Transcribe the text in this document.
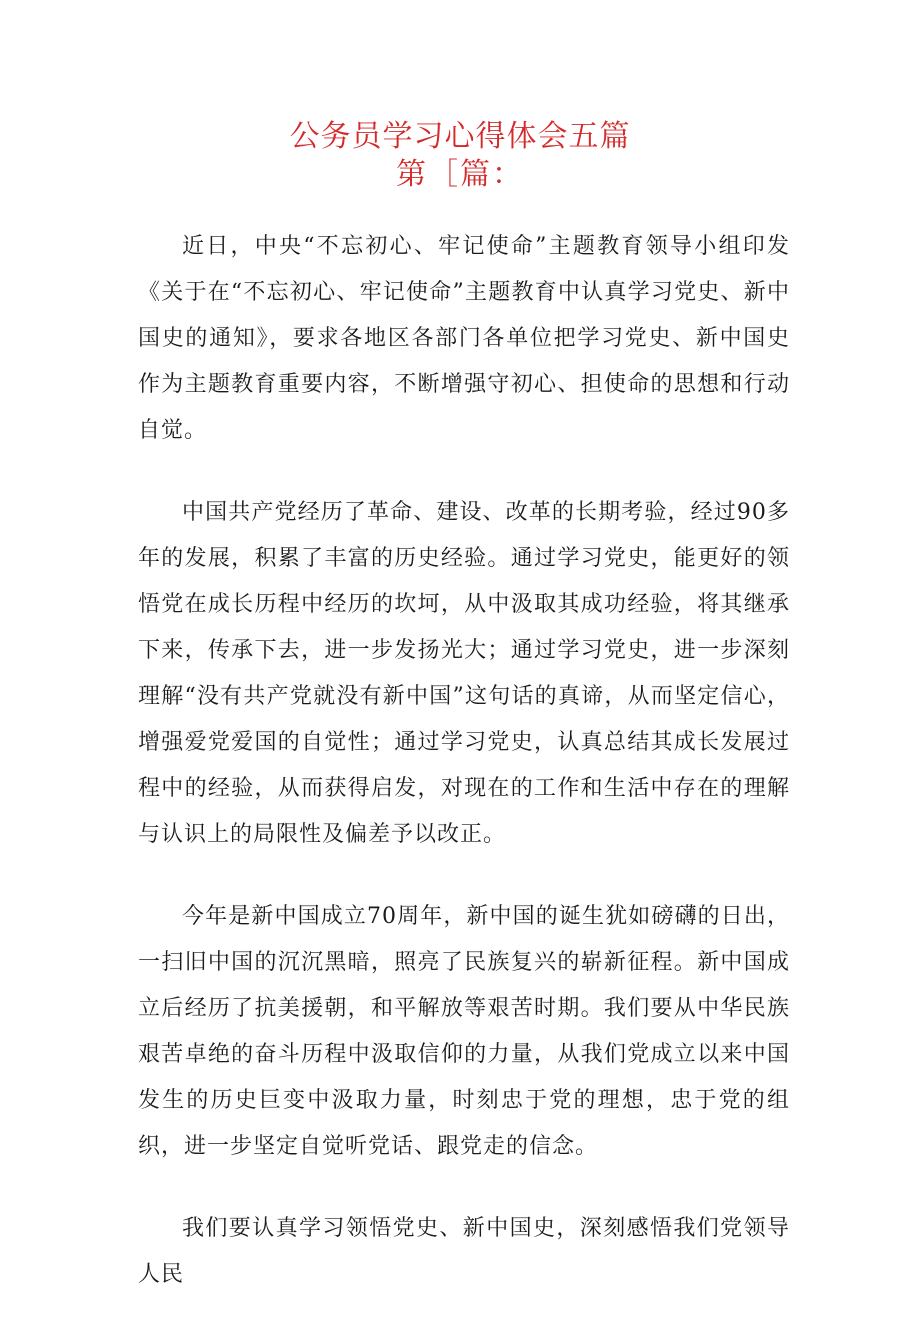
公务员学习心得体会五篇
第［篇：

近日，中央“不忘初心、牢记使命”主题教育领导小组印发《关于在“不忘初心、牢记使命”主题教育中认真学习党史、新中国史的通知》，要求各地区各部门各单位把学习党史、新中国史作为主题教育重要内容，不断增强守初心、担使命的思想和行动自觉。

中国共产党经历了革命、建设、改革的长期考验，经过90多年的发展，积累了丰富的历史经验。通过学习党史，能更好的领悟党在成长历程中经历的坎坷，从中汲取其成功经验，将其继承下来，传承下去，进一步发扬光大；通过学习党史，进一步深刻理解“没有共产党就没有新中国”这句话的真谛，从而坚定信心，增强爱党爱国的自觉性；通过学习党史，认真总结其成长发展过程中的经验，从而获得启发，对现在的工作和生活中存在的理解与认识上的局限性及偏差予以改正。

今年是新中国成立70周年，新中国的诞生犹如磅礴的日出，一扫旧中国的沉沉黑暗，照亮了民族复兴的崭新征程。新中国成立后经历了抗美援朝，和平解放等艰苦时期。我们要从中华民族艰苦卓绝的奋斗历程中汲取信仰的力量，从我们党成立以来中国发生的历史巨变中汲取力量，时刻忠于党的理想，忠于党的组织，进一步坚定自觉听党话、跟党走的信念。

我们要认真学习领悟党史、新中国史，深刻感悟我们党领导人民
